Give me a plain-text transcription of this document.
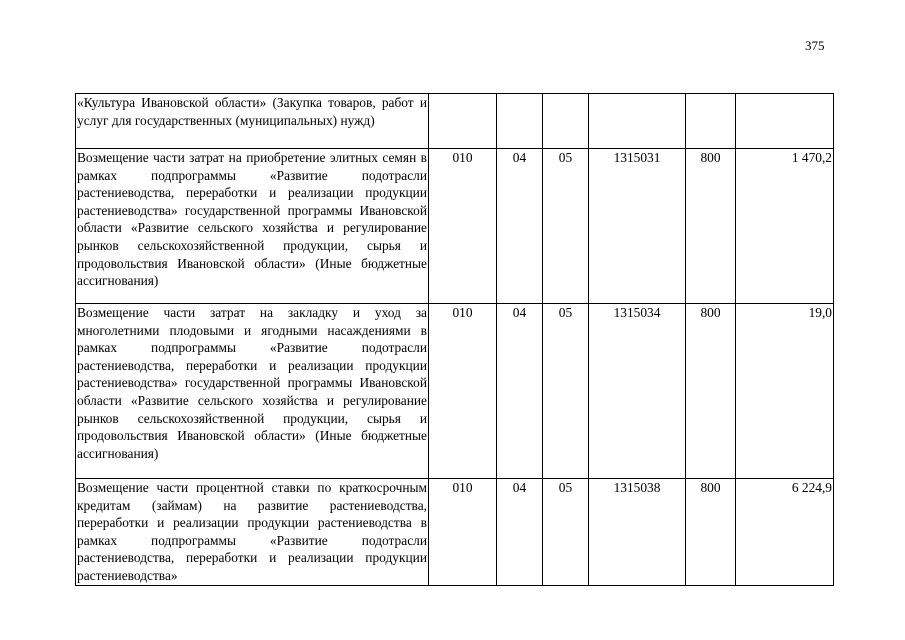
375
«Культура Ивановской области» (Закупка товаров, работ и услуг для государственных (муниципальных) нужд)						
Возмещение части затрат на приобретение элитных семян в рамках подпрограммы «Развитие подотрасли растениеводства, переработки и реализации продукции растениеводства» государственной программы Ивановской области «Развитие сельского хозяйства и регулирование рынков сельскохозяйственной продукции, сырья и продовольствия Ивановской области» (Иные бюджетные ассигнования)	010	04	05	1315031	800	1 470,2
Возмещение части затрат на закладку и уход за многолетними плодовыми и ягодными насаждениями в рамках подпрограммы «Развитие подотрасли растениеводства, переработки и реализации продукции растениеводства» государственной программы Ивановской области «Развитие сельского хозяйства и регулирование рынков сельскохозяйственной продукции, сырья и продовольствия Ивановской области» (Иные бюджетные ассигнования)	010	04	05	1315034	800	19,0
Возмещение части процентной ставки по краткосрочным кредитам (займам) на развитие растениеводства, переработки и реализации продукции растениеводства в рамках подпрограммы «Развитие подотрасли растениеводства, переработки и реализации продукции растениеводства»	010	04	05	1315038	800	6 224,9
